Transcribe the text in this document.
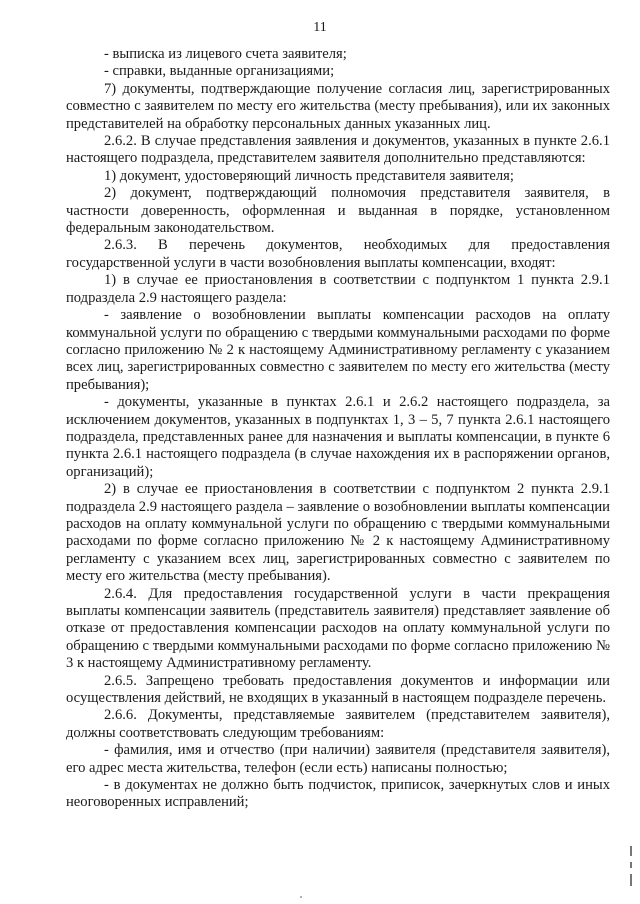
11

- выписка из лицевого счета заявителя;

- справки, выданные организациями;

7) документы, подтверждающие получение согласия лиц, зарегистрированных совместно с заявителем по месту его жительства (месту пребывания), или их законных представителей на обработку персональных данных указанных лиц.

2.6.2. В случае представления заявления и документов, указанных в пункте 2.6.1 настоящего подраздела, представителем заявителя дополнительно представляются:

1) документ, удостоверяющий личность представителя заявителя;

2) документ, подтверждающий полномочия представителя заявителя, в частности доверенность, оформленная и выданная в порядке, установленном федеральным законодательством.

2.6.3. В перечень документов, необходимых для предоставления государственной услуги в части возобновления выплаты компенсации, входят:

1) в случае ее приостановления в соответствии с подпунктом 1 пункта 2.9.1 подраздела 2.9 настоящего раздела:

- заявление о возобновлении выплаты компенсации расходов на оплату коммунальной услуги по обращению с твердыми коммунальными расходами по форме согласно приложению № 2 к настоящему Административному регламенту с указанием всех лиц, зарегистрированных совместно с заявителем по месту его жительства (месту пребывания);

- документы, указанные в пунктах 2.6.1 и 2.6.2 настоящего подраздела, за исключением документов, указанных в подпунктах 1, 3 – 5, 7 пункта 2.6.1 настоящего подраздела, представленных ранее для назначения и выплаты компенсации, в пункте 6 пункта 2.6.1 настоящего подраздела (в случае нахождения их в распоряжении органов, организаций);

2) в случае ее приостановления в соответствии с подпунктом 2 пункта 2.9.1 подраздела 2.9 настоящего раздела – заявление о возобновлении выплаты компенсации расходов на оплату коммунальной услуги по обращению с твердыми коммунальными расходами по форме согласно приложению № 2 к настоящему Административному регламенту с указанием всех лиц, зарегистрированных совместно с заявителем по месту его жительства (месту пребывания).

2.6.4. Для предоставления государственной услуги в части прекращения выплаты компенсации заявитель (представитель заявителя) представляет заявление об отказе от предоставления компенсации расходов на оплату коммунальной услуги по обращению с твердыми коммунальными расходами по форме согласно приложению № 3 к настоящему Административному регламенту.

2.6.5. Запрещено требовать предоставления документов и информации или осуществления действий, не входящих в указанный в настоящем подразделе перечень.

2.6.6. Документы, представляемые заявителем (представителем заявителя), должны соответствовать следующим требованиям:

- фамилия, имя и отчество (при наличии) заявителя (представителя заявителя), его адрес места жительства, телефон (если есть) написаны полностью;

- в документах не должно быть подчисток, приписок, зачеркнутых слов и иных неоговоренных исправлений;
